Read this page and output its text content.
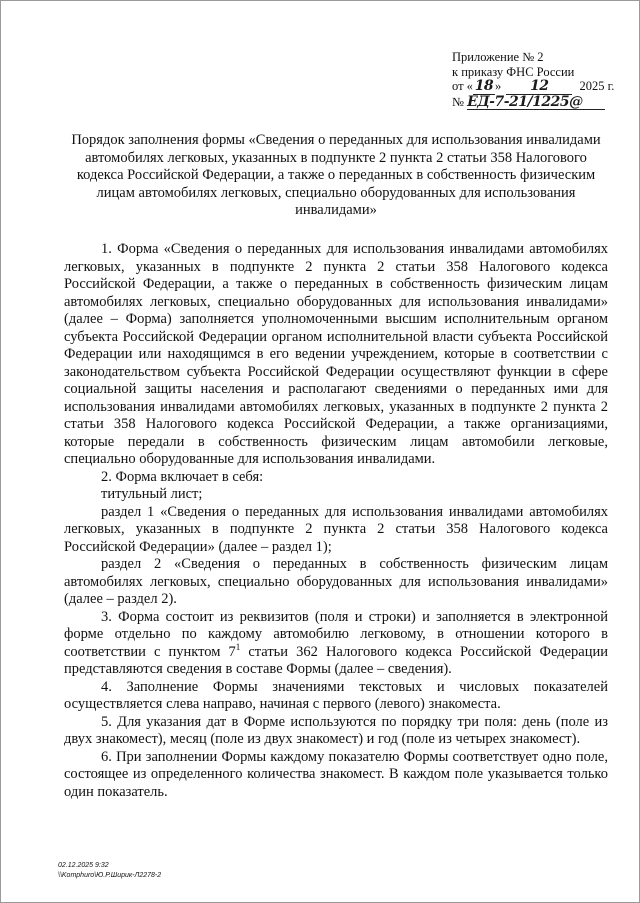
Приложение № 2
к приказу ФНС России
от « 18 » 12 2025 г.
№ ЕД-7-21/1225@
Порядок заполнения формы «Сведения о переданных для использования инвалидами автомобилях легковых, указанных в подпункте 2 пункта 2 статьи 358 Налогового кодекса Российской Федерации, а также о переданных в собственность физическим лицам автомобилях легковых, специально оборудованных для использования инвалидами»

1. Форма «Сведения о переданных для использования инвалидами автомобилях легковых, указанных в подпункте 2 пункта 2 статьи 358 Налогового кодекса Российской Федерации, а также о переданных в собственность физическим лицам автомобилях легковых, специально оборудованных для использования инвалидами» (далее – Форма) заполняется уполномоченными высшим исполнительным органом субъекта Российской Федерации органом исполнительной власти субъекта Российской Федерации или находящимся в его ведении учреждением, которые в соответствии с законодательством субъекта Российской Федерации осуществляют функции в сфере социальной защиты населения и располагают сведениями о переданных ими для использования инвалидами автомобилях легковых, указанных в подпункте 2 пункта 2 статьи 358 Налогового кодекса Российской Федерации, а также организациями, которые передали в собственность физическим лицам автомобили легковые, специально оборудованные для использования инвалидами.

2. Форма включает в себя:

титульный лист;

раздел 1 «Сведения о переданных для использования инвалидами автомобилях легковых, указанных в подпункте 2 пункта 2 статьи 358 Налогового кодекса Российской Федерации» (далее – раздел 1);

раздел 2 «Сведения о переданных в собственность физическим лицам автомобилях легковых, специально оборудованных для использования инвалидами» (далее – раздел 2).

3. Форма состоит из реквизитов (поля и строки) и заполняется в электронной форме отдельно по каждому автомобилю легковому, в отношении которого в соответствии с пунктом $7^1$ статьи 362 Налогового кодекса Российской Федерации представляются сведения в составе Формы (далее – сведения).

4. Заполнение Формы значениями текстовых и числовых показателей осуществляется слева направо, начиная с первого (левого) знакоместа.

5. Для указания дат в Форме используются по порядку три поля: день (поле из двух знакомест), месяц (поле из двух знакомест) и год (поле из четырех знакомест).

6. При заполнении Формы каждому показателю Формы соответствует одно поле, состоящее из определенного количества знакомест. В каждом поле указывается только один показатель.

02.12.2025 9:32
\\Komphuro\Ю.Р.Ширик-Л2278-2
